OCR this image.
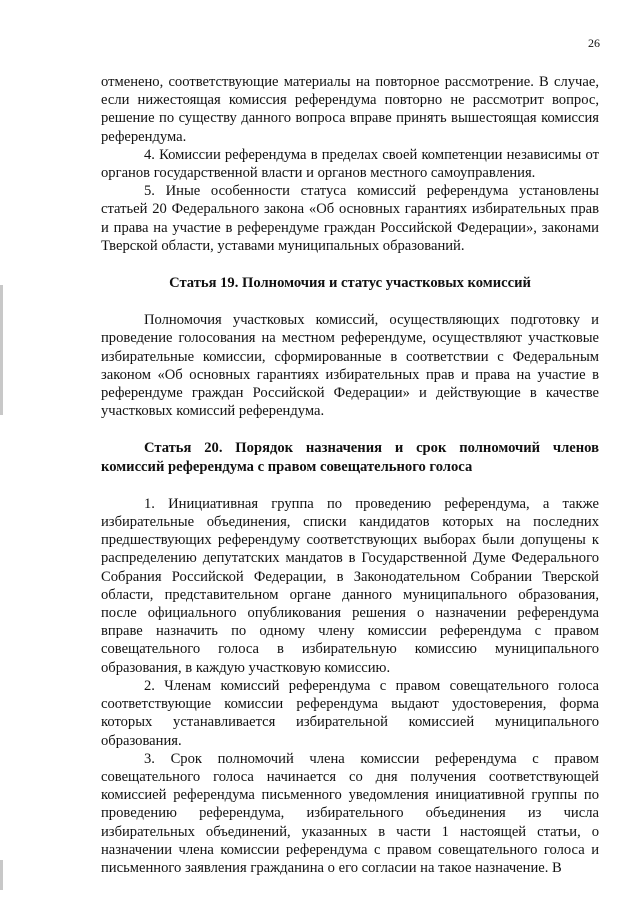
26

отменено, соответствующие материалы на повторное рассмотрение. В случае, если нижестоящая комиссия референдума повторно не рассмотрит вопрос, решение по существу данного вопроса вправе принять вышестоящая комиссия референдума.

4. Комиссии референдума в пределах своей компетенции независимы от органов государственной власти и органов местного самоуправления.

5. Иные особенности статуса комиссий референдума установлены статьей 20 Федерального закона «Об основных гарантиях избирательных прав и права на участие в референдуме граждан Российской Федерации», законами Тверской области, уставами муниципальных образований.

Статья 19. Полномочия и статус участковых комиссий

Полномочия участковых комиссий, осуществляющих подготовку и проведение голосования на местном референдуме, осуществляют участковые избирательные комиссии, сформированные в соответствии с Федеральным законом «Об основных гарантиях избирательных прав и права на участие в референдуме граждан Российской Федерации» и действующие в качестве участковых комиссий референдума.

Статья 20. Порядок назначения и срок полномочий членов комиссий референдума с правом совещательного голоса

1. Инициативная группа по проведению референдума, а также избирательные объединения, списки кандидатов которых на последних предшествующих референдуму соответствующих выборах были допущены к распределению депутатских мандатов в Государственной Думе Федерального Собрания Российской Федерации, в Законодательном Собрании Тверской области, представительном органе данного муниципального образования, после официального опубликования решения о назначении референдума вправе назначить по одному члену комиссии референдума с правом совещательного голоса в избирательную комиссию муниципального образования, в каждую участковую комиссию.

2. Членам комиссий референдума с правом совещательного голоса соответствующие комиссии референдума выдают удостоверения, форма которых устанавливается избирательной комиссией муниципального образования.

3. Срок полномочий члена комиссии референдума с правом совещательного голоса начинается со дня получения соответствующей комиссией референдума письменного уведомления инициативной группы по проведению референдума, избирательного объединения из числа избирательных объединений, указанных в части 1 настоящей статьи, о назначении члена комиссии референдума с правом совещательного голоса и письменного заявления гражданина о его согласии на такое назначение. В
